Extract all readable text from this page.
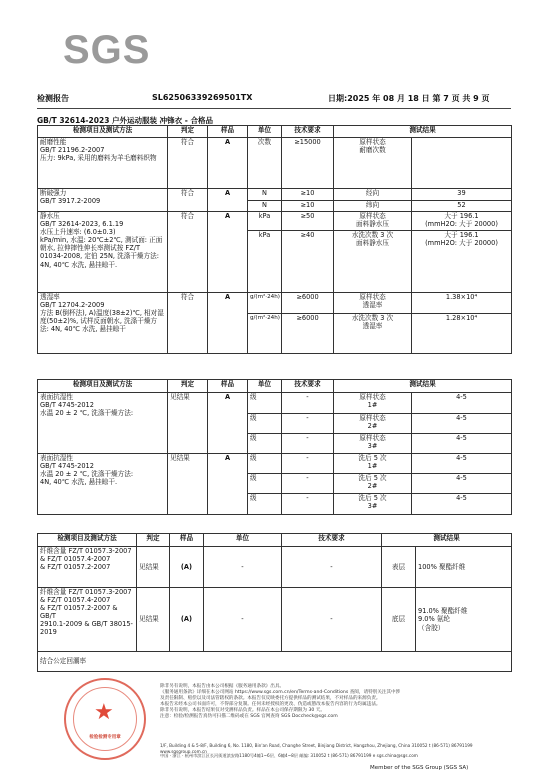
SGS
检测报告	SL62506339269501TX	日期:2025 年 08 月 18 日 第 7 页 共 9 页
GB/T 32614-2023 户外运动服装 冲锋衣 - 合格品
检测项目及测试方法	判定	样品	单位	技术要求	测试结果	
耐磨性能
GB/T 21196.2-2007
压力: 9kPa, 采用的磨料为羊毛磨料织物	符合	A	次数	≥15000	原样状态
耐磨次数	
断破强力
GB/T 3917.2-2009	符合	A	N	≥10	经向	39
			N	≥10	纬向	52
静水压
GB/T 32614-2023, 6.1.19
水压上升速率: (6.0±0.3)
kPa/min, 水温: 20℃±2℃, 测试面: 正面朝水, 拉伸摔性伸长率测试按 FZ/T 01034-2008, 定伯 25N, 洗涤干燥方法: 4N, 40℃ 水洗, 悬挂晾干.	符合	A	kPa	≥50	原样状态
面料静水压	大于 196.1
(mmH2O: 大于 20000)
			kPa	≥40	水洗次数 3 次
面料静水压	大于 196.1
(mmH2O: 大于 20000)
透湿率
GB/T 12704.2-2009
方法 B(倒杯法), A)温度(38±2)℃, 相对湿度(50±2)%, 试样反面朝水, 洗涤干燥方法: 4N, 40℃ 水洗, 悬挂晾干	符合	A	g/(m²·24h)	≥6000	原样状态
透湿率	1.38×10⁴
			g/(m²·24h)	≥6000	水洗次数 3 次
透湿率	1.28×10⁴
检测项目及测试方法	判定	样品	单位	技术要求	测试结果	
表面抗湿性
GB/T 4745-2012
水温 20 ± 2 ℃, 洗涤干燥方法:	见结果	A	级	-	原样状态
1#	4-5
			级	-	原样状态
2#	4-5
			级	-	原样状态
3#	4-5
表面抗湿性
GB/T 4745-2012
水温 20 ± 2 ℃, 洗涤干燥方法:
4N, 40℃ 水洗, 悬挂晾干.	见结果	A	级	-	洗后 5 次
1#	4-5
			级	-	洗后 5 次
2#	4-5
			级	-	洗后 5 次
3#	4-5
检测项目及测试方法	判定	样品	单位	技术要求	测试结果	
纤维含量 FZ/T 01057.3-2007
& FZ/T 01057.4-2007
& FZ/T 01057.2-2007	见结果	(A)	-	-	表层	100% 聚酯纤维
纤维含量 FZ/T 01057.3-2007
& FZ/T 01057.4-2007
& FZ/T 01057.2-2007 & GB/T
2910.1-2009 & GB/T 38015-
2019	见结果	(A)	-	-	底层	91.0% 聚酯纤维
9.0% 氨纶
（含胶）
结合公定回潮率						
除非另有说明，本报告由本公司根据《服务通用条款》出具。
《服务通用条款》详细在本公司网站 https://www.sgs.com.cn/en/Terms-and-Conditions 查阅，请特别关注其中涉
及责任限制、赔偿以及司法管辖权的条款。本报告仅反映委托方提供样品的测试结果，不对样品的来源负责。
本报告未经本公司书面许可，不得部分复制。任何未经授权的更改、伪造或篡改本报告内容的行为均属违法。
除非另有说明，本报告结果仅对受测样品负责。样品在本公司保存期限为 30 天。
注意：检验/检测报告真伪可扫描二维码或在 SGS 官网查询 SGS Doccheck@sgs.com
1/F, Building 4 & 5-8/F, Building 6, No. 1180, Bin'an Road, Changhe Street, Binjiang District, Hangzhou, Zhejiang, China 310052 t (86-571) 86791199 www.sgsgroup.com.cn
中国 · 浙江 · 杭州市滨江区长河街道滨安路1180号4幢1~6层、6幢4~8层 邮编: 310052 t (86-571) 86791199 e sgs.china@sgs.com
★
检验检测专用章
Member of the SGS Group (SGS SA)
